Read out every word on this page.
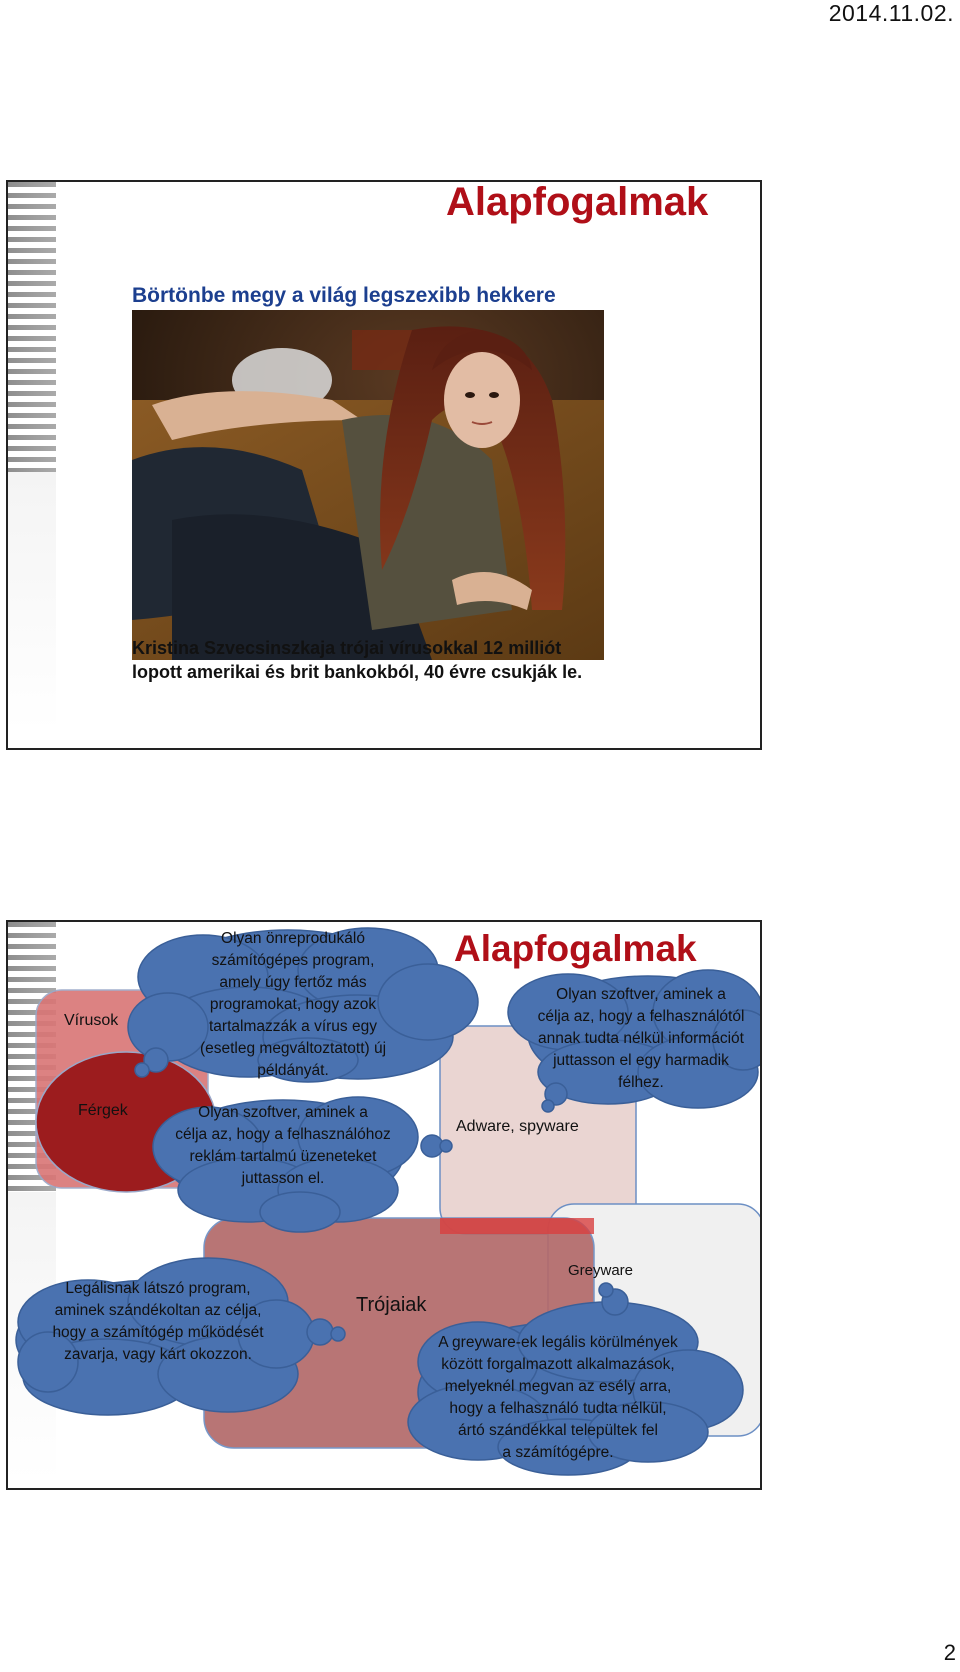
2014.11.02.
Alapfogalmak
Börtönbe megy a világ legszexibb hekkere
Kristina Szvecsinszkaja trójai vírusokkal 12 milliót
lopott amerikai és brit bankokból, 40 évre csukják le.
Alapfogalmak
Vírusok
Férgek
Adware, spyware
Trójaiak
Greyware
Olyan önreprodukáló
számítógépes program,
amely úgy fertőz más
programokat, hogy azok
tartalmazzák a vírus egy
(esetleg megváltoztatott) új
példányát.
Olyan szoftver, aminek a
célja az, hogy a felhasználóhoz
reklám tartalmú üzeneteket
juttasson el.
Olyan szoftver, aminek a
célja az, hogy a felhasználótól
annak tudta nélkül információt
juttasson el egy harmadik
félhez.
Legálisnak látszó program,
aminek szándékoltan az célja,
hogy a számítógép működését
zavarja, vagy kárt okozzon.
A greyware-ek legális körülmények
között forgalmazott alkalmazások,
melyeknél megvan az esély arra,
hogy a felhasználó tudta nélkül,
ártó szándékkal települtek fel
a számítógépre.
2
